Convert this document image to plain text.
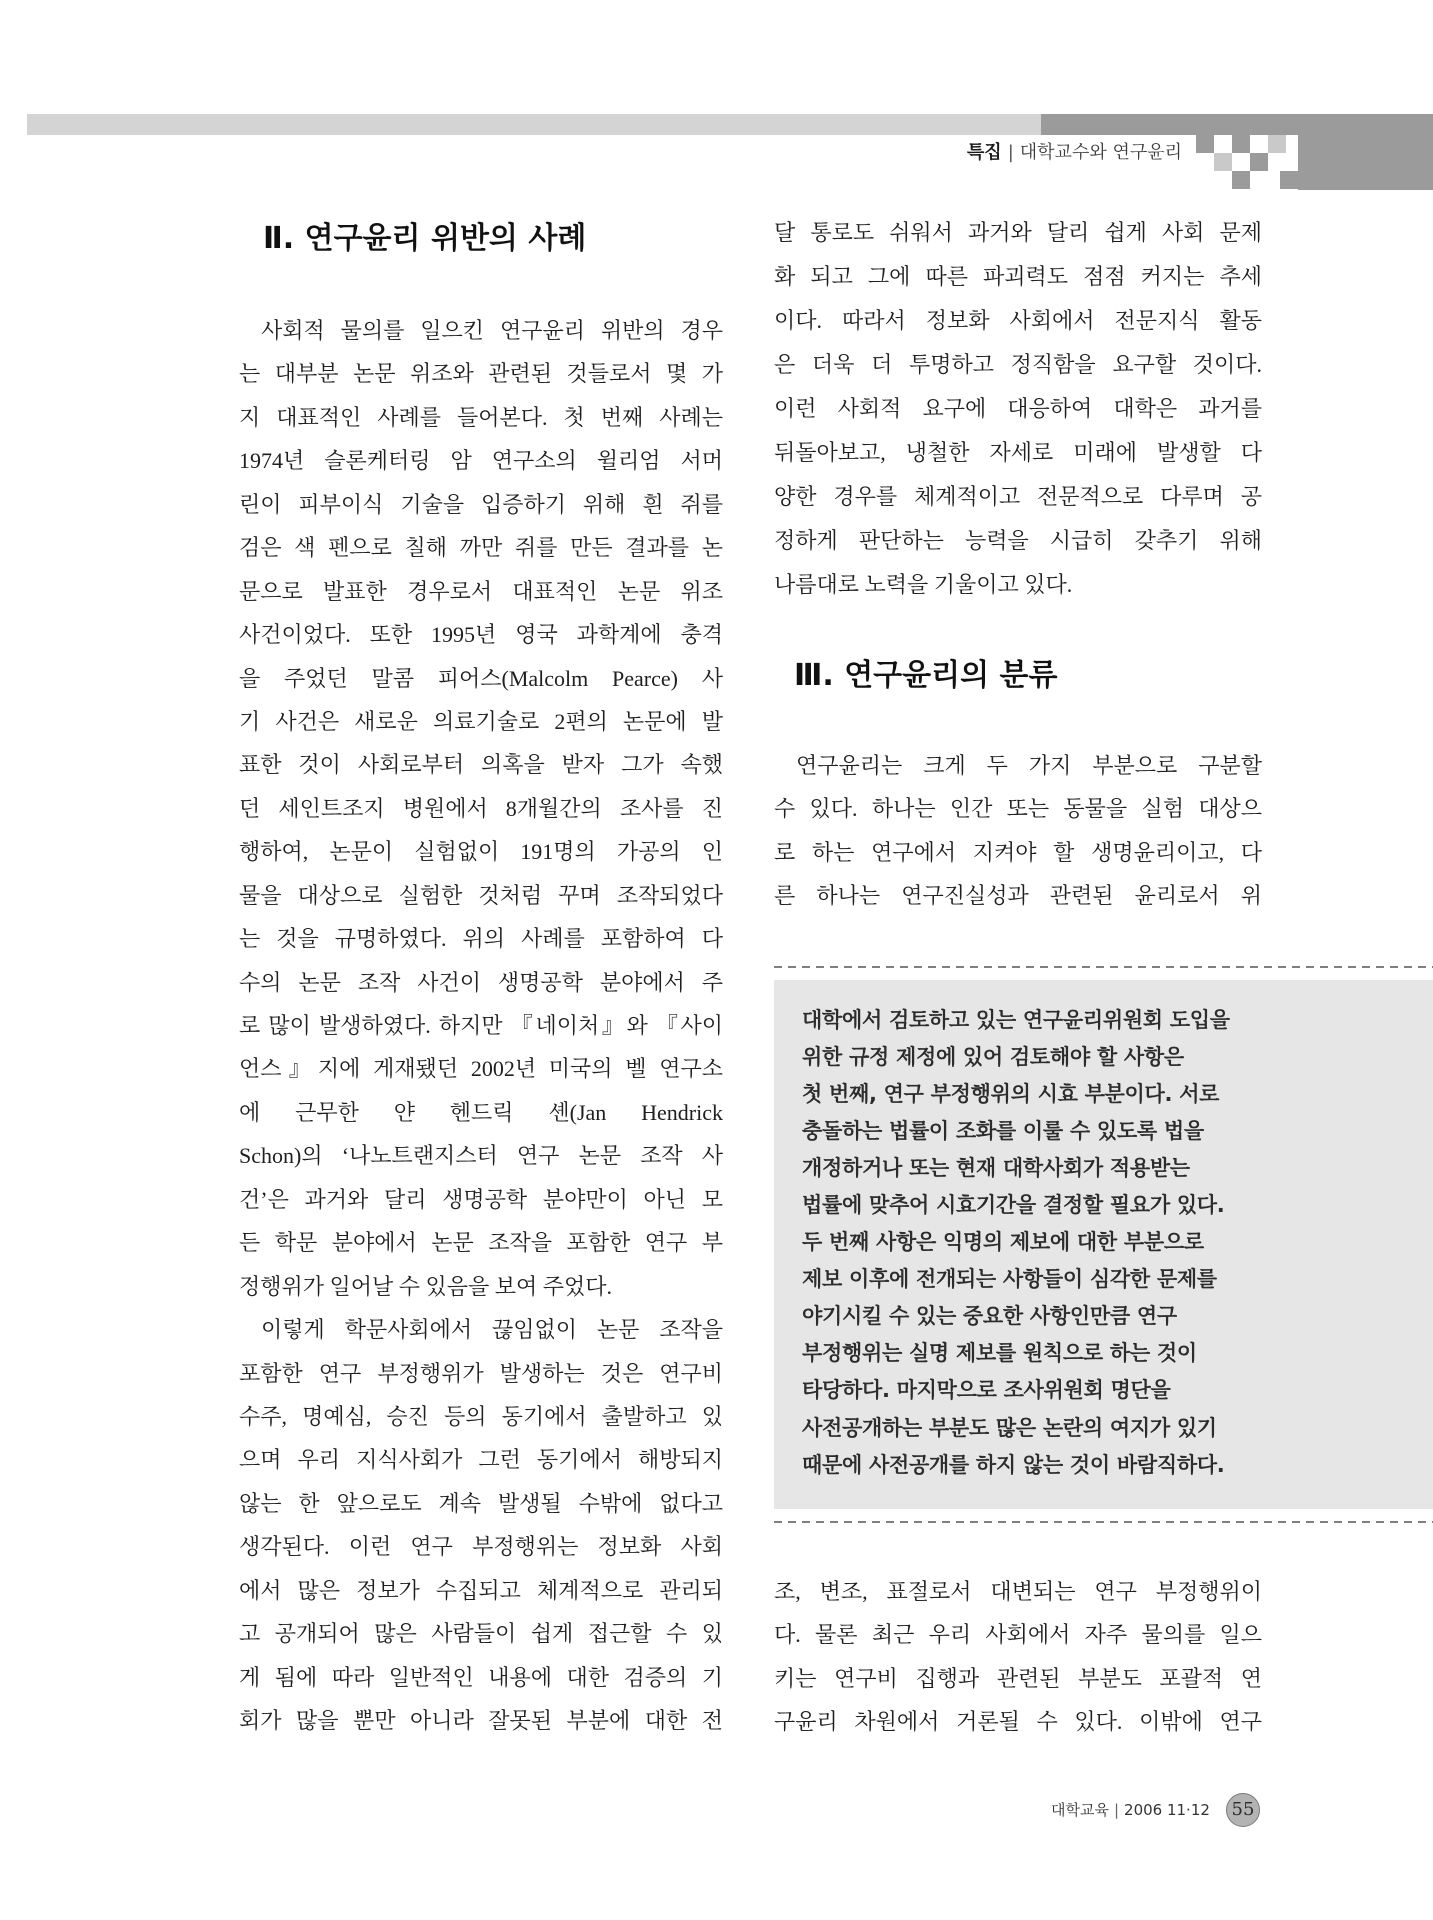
특집 | 대학교수와 연구윤리
Ⅱ. 연구윤리 위반의 사례
사회적 물의를 일으킨 연구윤리 위반의 경우
는 대부분 논문 위조와 관련된 것들로서 몇 가
지 대표적인 사례를 들어본다. 첫 번째 사례는
1974년 슬론케터링 암 연구소의 윌리엄 서머
린이 피부이식 기술을 입증하기 위해 흰 쥐를
검은 색 펜으로 칠해 까만 쥐를 만든 결과를 논
문으로 발표한 경우로서 대표적인 논문 위조
사건이었다. 또한 1995년 영국 과학계에 충격
을 주었던 말콤 피어스(Malcolm Pearce) 사
기 사건은 새로운 의료기술로 2편의 논문에 발
표한 것이 사회로부터 의혹을 받자 그가 속했
던 세인트조지 병원에서 8개월간의 조사를 진
행하여, 논문이 실험없이 191명의 가공의 인
물을 대상으로 실험한 것처럼 꾸며 조작되었다
는 것을 규명하였다. 위의 사례를 포함하여 다
수의 논문 조작 사건이 생명공학 분야에서 주
로 많이 발생하였다. 하지만 『네이처』와 『사이
언스』지에 게재됐던 2002년 미국의 벨 연구소
에 근무한 얀 헨드릭 셴(Jan Hendrick
Schon)의 ‘나노트랜지스터 연구 논문 조작 사
건’은 과거와 달리 생명공학 분야만이 아닌 모
든 학문 분야에서 논문 조작을 포함한 연구 부
정행위가 일어날 수 있음을 보여 주었다.
이렇게 학문사회에서 끊임없이 논문 조작을
포함한 연구 부정행위가 발생하는 것은 연구비
수주, 명예심, 승진 등의 동기에서 출발하고 있
으며 우리 지식사회가 그런 동기에서 해방되지
않는 한 앞으로도 계속 발생될 수밖에 없다고
생각된다. 이런 연구 부정행위는 정보화 사회
에서 많은 정보가 수집되고 체계적으로 관리되
고 공개되어 많은 사람들이 쉽게 접근할 수 있
게 됨에 따라 일반적인 내용에 대한 검증의 기
회가 많을 뿐만 아니라 잘못된 부분에 대한 전
달 통로도 쉬워서 과거와 달리 쉽게 사회 문제
화 되고 그에 따른 파괴력도 점점 커지는 추세
이다. 따라서 정보화 사회에서 전문지식 활동
은 더욱 더 투명하고 정직함을 요구할 것이다.
이런 사회적 요구에 대응하여 대학은 과거를
뒤돌아보고, 냉철한 자세로 미래에 발생할 다
양한 경우를 체계적이고 전문적으로 다루며 공
정하게 판단하는 능력을 시급히 갖추기 위해
나름대로 노력을 기울이고 있다.
Ⅲ. 연구윤리의 분류
연구윤리는 크게 두 가지 부분으로 구분할
수 있다. 하나는 인간 또는 동물을 실험 대상으
로 하는 연구에서 지켜야 할 생명윤리이고, 다
른 하나는 연구진실성과 관련된 윤리로서 위
대학에서 검토하고 있는 연구윤리위원회 도입을
위한 규정 제정에 있어 검토해야 할 사항은
첫 번째, 연구 부정행위의 시효 부분이다. 서로
충돌하는 법률이 조화를 이룰 수 있도록 법을
개정하거나 또는 현재 대학사회가 적용받는
법률에 맞추어 시효기간을 결정할 필요가 있다.
두 번째 사항은 익명의 제보에 대한 부분으로
제보 이후에 전개되는 사항들이 심각한 문제를
야기시킬 수 있는 중요한 사항인만큼 연구
부정행위는 실명 제보를 원칙으로 하는 것이
타당하다. 마지막으로 조사위원회 명단을
사전공개하는 부분도 많은 논란의 여지가 있기
때문에 사전공개를 하지 않는 것이 바람직하다.
조, 변조, 표절로서 대변되는 연구 부정행위이
다. 물론 최근 우리 사회에서 자주 물의를 일으
키는 연구비 집행과 관련된 부분도 포괄적 연
구윤리 차원에서 거론될 수 있다. 이밖에 연구
대학교육 | 2006 11·12	55
